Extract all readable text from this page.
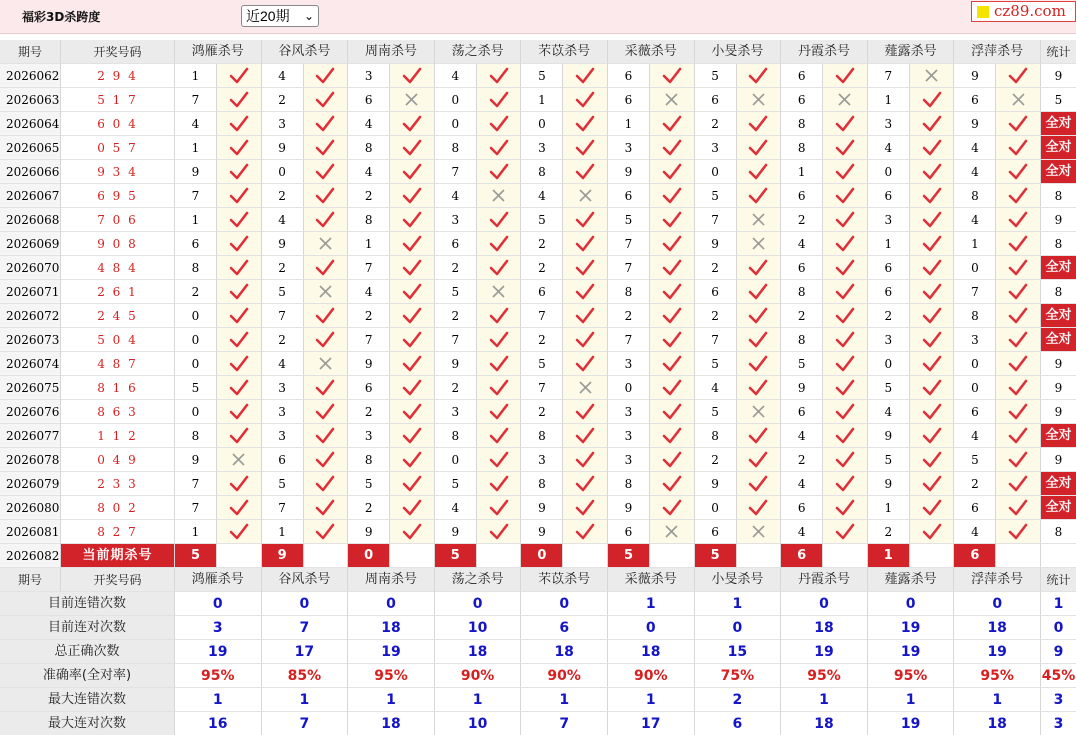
福彩3D杀跨度	近20期 ⌄	cz89.com
期号	开奖号码	鸿雁杀号	谷风杀号	周南杀号	荡之杀号	芣苡杀号	采薇杀号	小旻杀号	丹霞杀号	薤露杀号	浮萍杀号	统计
2026062	2 9 4	1	4	3	4	5	6	5	6	7	9	9
2026063	5 1 7	7	2	6	0	1	6	6	6	1	6	5
2026064	6 0 4	4	3	4	0	0	1	2	8	3	9	全对
2026065	0 5 7	1	9	8	8	3	3	3	8	4	4	全对
2026066	9 3 4	9	0	4	7	8	9	0	1	0	4	全对
2026067	6 9 5	7	2	2	4	4	6	5	6	6	8	8
2026068	7 0 6	1	4	8	3	5	5	7	2	3	4	9
2026069	9 0 8	6	9	1	6	2	7	9	4	1	1	8
2026070	4 8 4	8	2	7	2	2	7	2	6	6	0	全对
2026071	2 6 1	2	5	4	5	6	8	6	8	6	7	8
2026072	2 4 5	0	7	2	2	7	2	2	2	2	8	全对
2026073	5 0 4	0	2	7	7	2	7	7	8	3	3	全对
2026074	4 8 7	0	4	9	9	5	3	5	5	0	0	9
2026075	8 1 6	5	3	6	2	7	0	4	9	5	0	9
2026076	8 6 3	0	3	2	3	2	3	5	6	4	6	9
2026077	1 1 2	8	3	3	8	8	3	8	4	9	4	全对
2026078	0 4 9	9	6	8	0	3	3	2	2	5	5	9
2026079	2 3 3	7	5	5	5	8	8	9	4	9	2	全对
2026080	8 0 2	7	7	2	4	9	9	0	6	1	6	全对
2026081	8 2 7	1	1	9	9	9	6	6	4	2	4	8
2026082	当前期杀号	5	9	0	5	0	5	5	6	1	6
期号	开奖号码	鸿雁杀号	谷风杀号	周南杀号	荡之杀号	芣苡杀号	采薇杀号	小旻杀号	丹霞杀号	薤露杀号	浮萍杀号	统计
目前连错次数	0	0	0	0	0	1	1	0	0	0	1
目前连对次数	3	7	18	10	6	0	0	18	19	18	0
总正确次数	19	17	19	18	18	18	15	19	19	19	9
准确率(全对率)	95%	85%	95%	90%	90%	90%	75%	95%	95%	95%	45%
最大连错次数	1	1	1	1	1	1	2	1	1	1	3
最大连对次数	16	7	18	10	7	17	6	18	19	18	3
